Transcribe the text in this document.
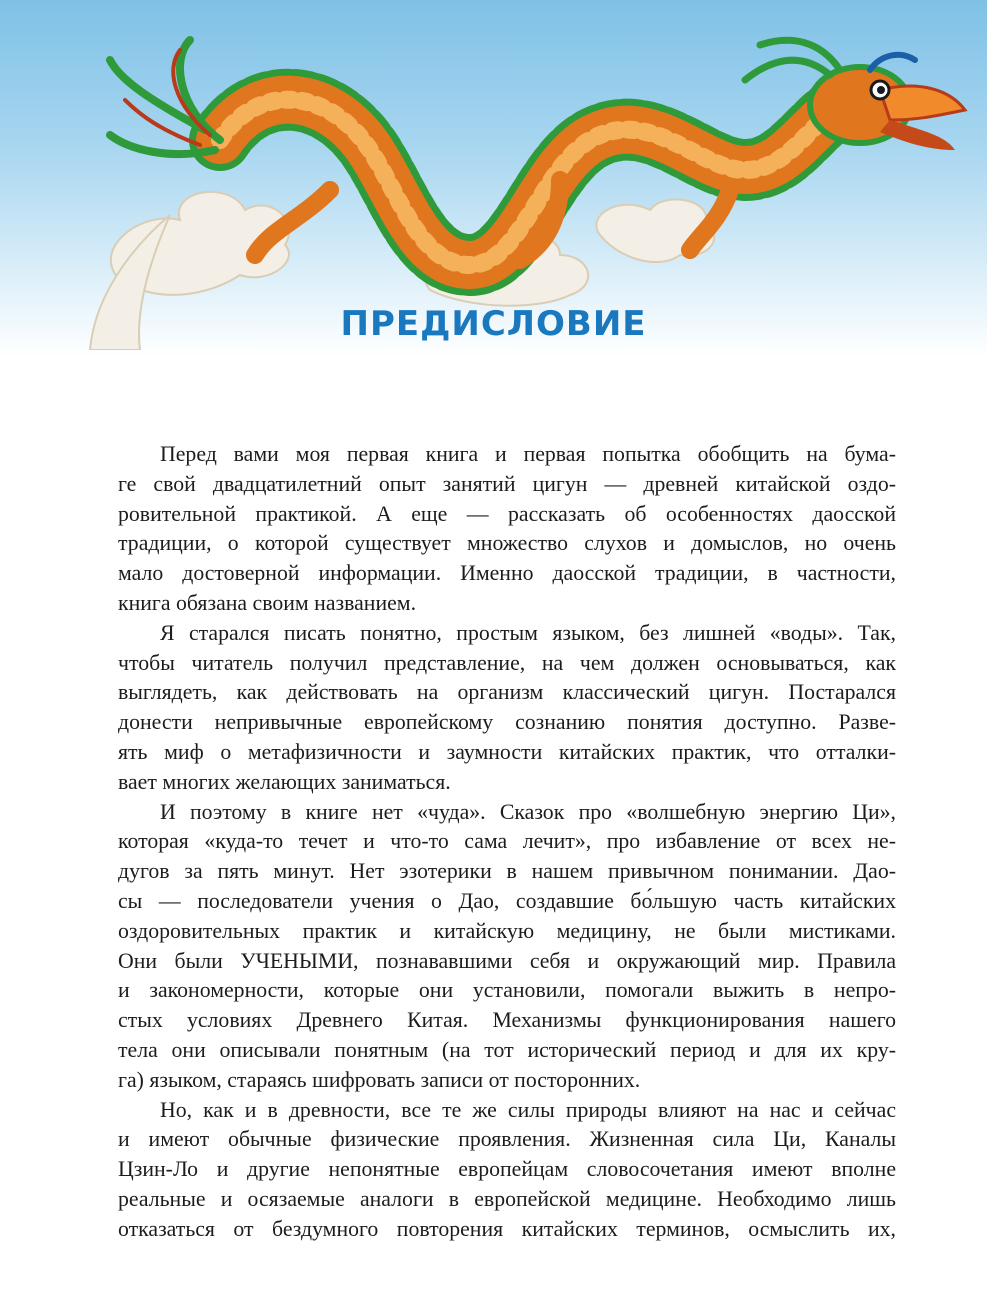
ПРЕДИСЛОВИЕ

Перед вами моя первая книга и первая попытка обобщить на бума-
ге свой двадцатилетний опыт занятий цигун — древней китайской оздо-
ровительной практикой. А еще — рассказать об особенностях даосской
традиции, о которой существует множество слухов и домыслов, но очень
мало достоверной информации. Именно даосской традиции, в частности,
книга обязана своим названием.

Я старался писать понятно, простым языком, без лишней «воды». Так,
чтобы читатель получил представление, на чем должен основываться, как
выглядеть, как действовать на организм классический цигун. Постарался
донести непривычные европейскому сознанию понятия доступно. Разве-
ять миф о метафизичности и заумности китайских практик, что отталки-
вает многих желающих заниматься.

И поэтому в книге нет «чуда». Сказок про «волшебную энергию Ци»,
которая «куда-то течет и что-то сама лечит», про избавление от всех не-
дугов за пять минут. Нет эзотерики в нашем привычном понимании. Дао-
сы — последователи учения о Дао, создавшие бо́льшую часть китайских
оздоровительных практик и китайскую медицину, не были мистиками.
Они были УЧЕНЫМИ, познававшими себя и окружающий мир. Правила
и закономерности, которые они установили, помогали выжить в непро-
стых условиях Древнего Китая. Механизмы функционирования нашего
тела они описывали понятным (на тот исторический период и для их кру-
га) языком, стараясь шифровать записи от посторонних.

Но, как и в древности, все те же силы природы влияют на нас и сейчас
и имеют обычные физические проявления. Жизненная сила Ци, Каналы
Цзин-Ло и другие непонятные европейцам словосочетания имеют вполне
реальные и осязаемые аналоги в европейской медицине. Необходимо лишь
отказаться от бездумного повторения китайских терминов, осмыслить их,
